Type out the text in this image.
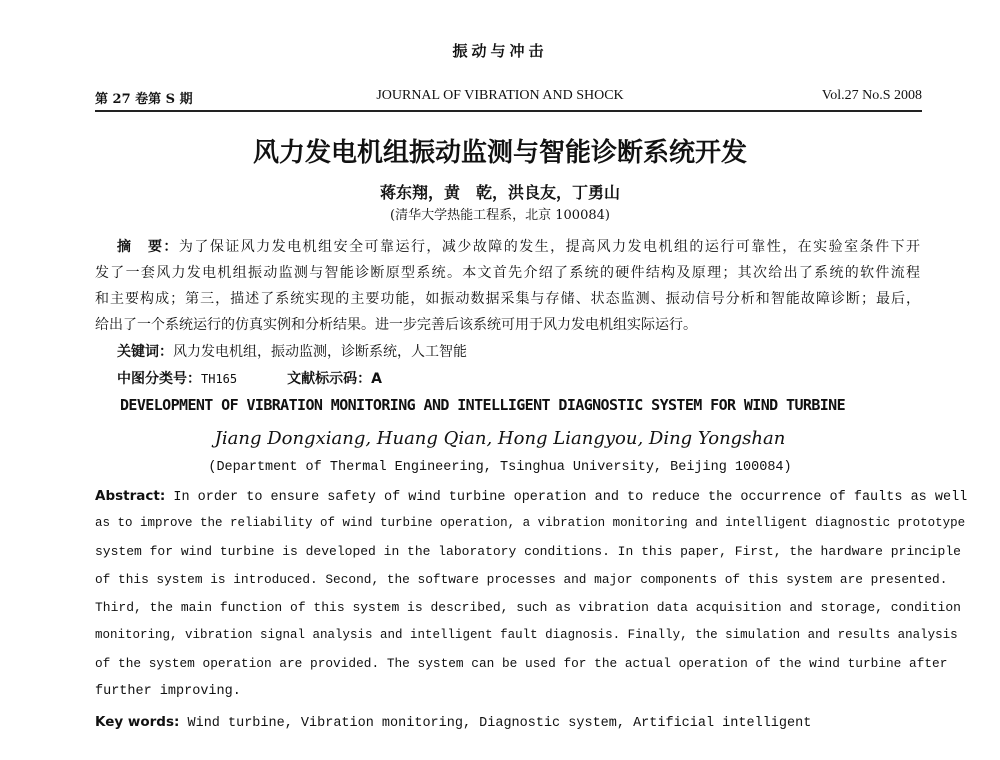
振动与冲击
第 27 卷第 S 期	JOURNAL OF VIBRATION AND SHOCK	Vol.27 No.S 2008
风力发电机组振动监测与智能诊断系统开发
蒋东翔，黄　乾，洪良友，丁勇山
(清华大学热能工程系，北京 100084)
摘　要：为了保证风力发电机组安全可靠运行，减少故障的发生，提高风力发电机组的运行可靠性，在实验室条件下开
发了一套风力发电机组振动监测与智能诊断原型系统。本文首先介绍了系统的硬件结构及原理；其次给出了系统的软件流程
和主要构成；第三，描述了系统实现的主要功能，如振动数据采集与存储、状态监测、振动信号分析和智能故障诊断；最后，
给出了一个系统运行的仿真实例和分析结果。进一步完善后该系统可用于风力发电机组实际运行。
关键词：风力发电机组，振动监测，诊断系统，人工智能
中图分类号：TH165	文献标示码：A
DEVELOPMENT OF VIBRATION MONITORING AND INTELLIGENT DIAGNOSTIC SYSTEM FOR WIND TURBINE
Jiang Dongxiang, Huang Qian, Hong Liangyou, Ding Yongshan
(Department of Thermal Engineering, Tsinghua University, Beijing 100084)
Abstract: In order to ensure safety of wind turbine operation and to reduce the occurrence of faults as well
as to improve the reliability of wind turbine operation, a vibration monitoring and intelligent diagnostic prototype
system for wind turbine is developed in the laboratory conditions. In this paper, First, the hardware principle
of this system is introduced. Second, the software processes and major components of this system are presented.
Third, the main function of this system is described, such as vibration data acquisition and storage, condition
monitoring, vibration signal analysis and intelligent fault diagnosis. Finally, the simulation and results analysis
of the system operation are provided. The system can be used for the actual operation of the wind turbine after
further improving.
Key words: Wind turbine, Vibration monitoring, Diagnostic system, Artificial intelligent
